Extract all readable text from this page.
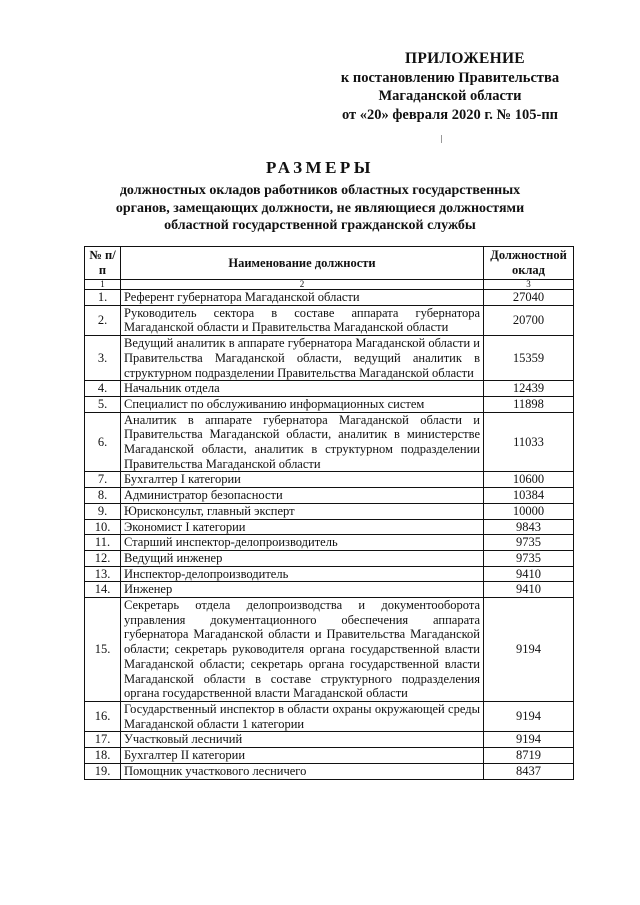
ПРИЛОЖЕНИЕ
к постановлению Правительства
Магаданской области
от «20» февраля 2020 г. № 105-пп
РАЗМЕРЫ
должностных окладов работников областных государственных
органов, замещающих должности, не являющиеся должностями
областной государственной гражданской службы
№ п/п	Наименование должности	Должностной оклад
1	2	3
1.	Референт губернатора Магаданской области	27040
2.	Руководитель сектора в составе аппарата губернатора Магаданской области и Правительства Магаданской области	20700
3.	Ведущий аналитик в аппарате губернатора Магаданской области и Правительства Магаданской области, ведущий аналитик в структурном подразделении Правительства Магаданской области	15359
4.	Начальник отдела	12439
5.	Специалист по обслуживанию информационных систем	11898
6.	Аналитик в аппарате губернатора Магаданской области и Правительства Магаданской области, аналитик в министерстве Магаданской области, аналитик в структурном подразделении Правительства Магаданской области	11033
7.	Бухгалтер I категории	10600
8.	Администратор безопасности	10384
9.	Юрисконсульт, главный эксперт	10000
10.	Экономист I категории	9843
11.	Старший инспектор-делопроизводитель	9735
12.	Ведущий инженер	9735
13.	Инспектор-делопроизводитель	9410
14.	Инженер	9410
15.	Секретарь отдела делопроизводства и документооборота управления документационного обеспечения аппарата губернатора Магаданской области и Правительства Магаданской области; секретарь руководителя органа государственной власти Магаданской области; секретарь органа государственной власти Магаданской области в составе структурного подразделения органа государственной власти Магаданской области	9194
16.	Государственный инспектор в области охраны окружающей среды Магаданской области 1 категории	9194
17.	Участковый лесничий	9194
18.	Бухгалтер II категории	8719
19.	Помощник участкового лесничего	8437
